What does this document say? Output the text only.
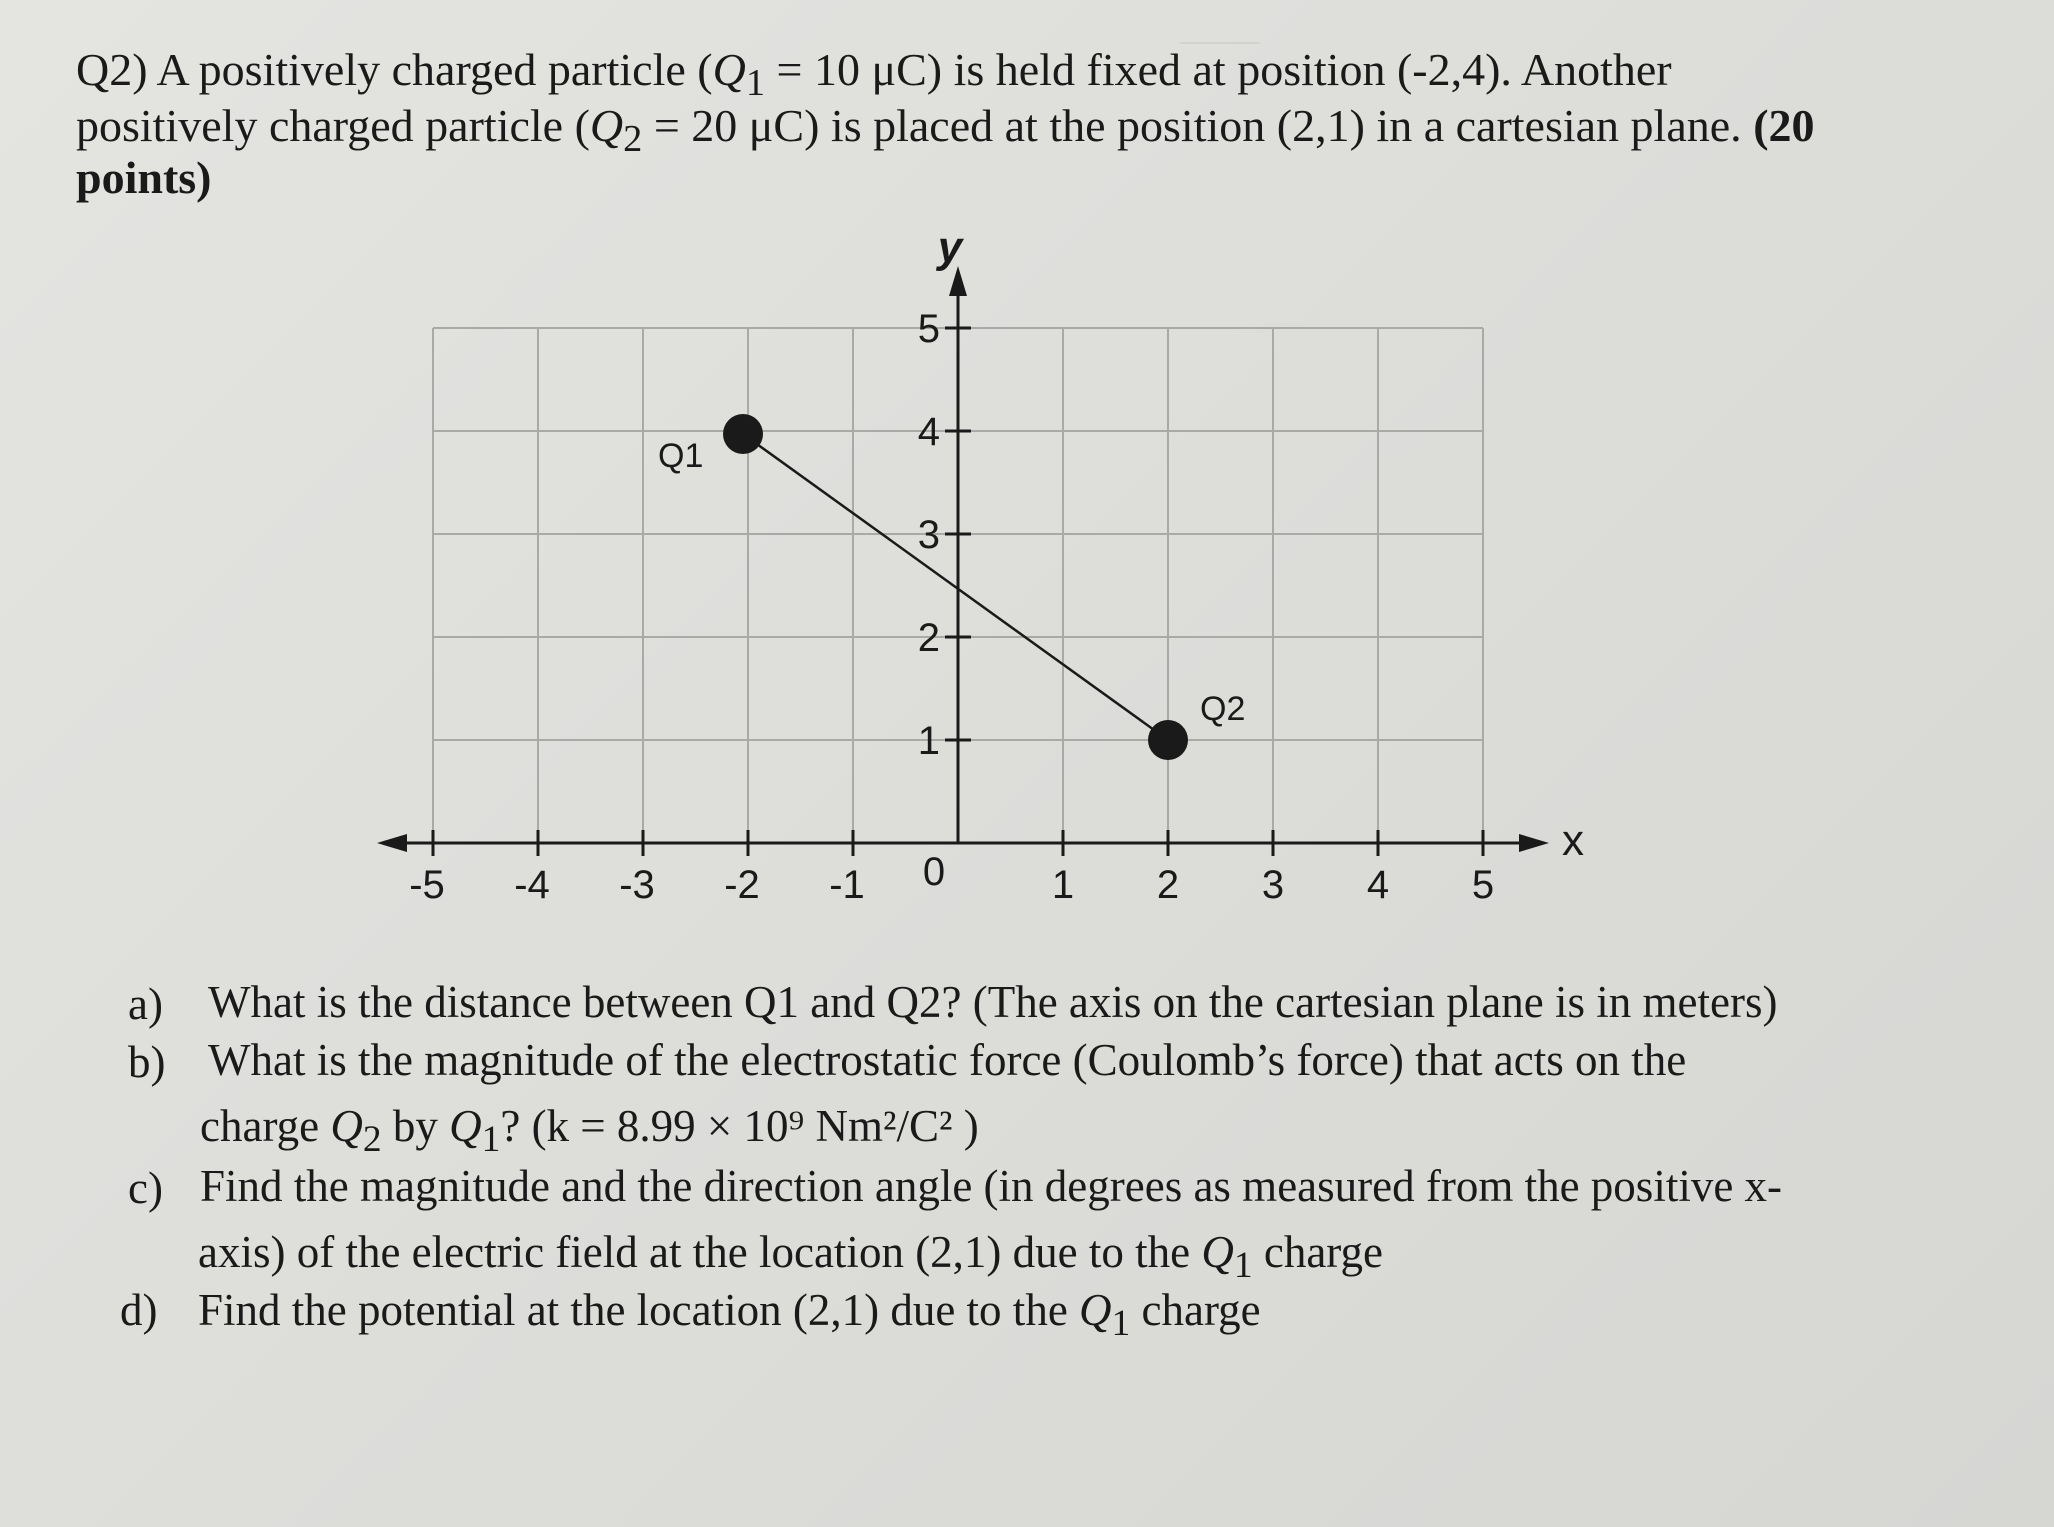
____
Q2) A positively charged particle ($Q_1 = 10$ μC) is held fixed at position (-2,4). Another
positively charged particle ($Q_2 = 20$ μC) is placed at the position (2,1) in a cartesian plane. (20
points)
-5 -4 -3 -2 -1	1 2 3 4 5
0
1
2
3
4
5
x
y
Q1
Q2
a) What is the distance between Q1 and Q2? (The axis on the cartesian plane is in meters)
b) What is the magnitude of the electrostatic force (Coulomb’s force) that acts on the
charge $Q_2$ by $Q_1$? (k = 8.99 × 10⁹ Nm²/C² )
c) Find the magnitude and the direction angle (in degrees as measured from the positive x-
axis) of the electric field at the location (2,1) due to the $Q_1$ charge
d) Find the potential at the location (2,1) due to the $Q_1$ charge
